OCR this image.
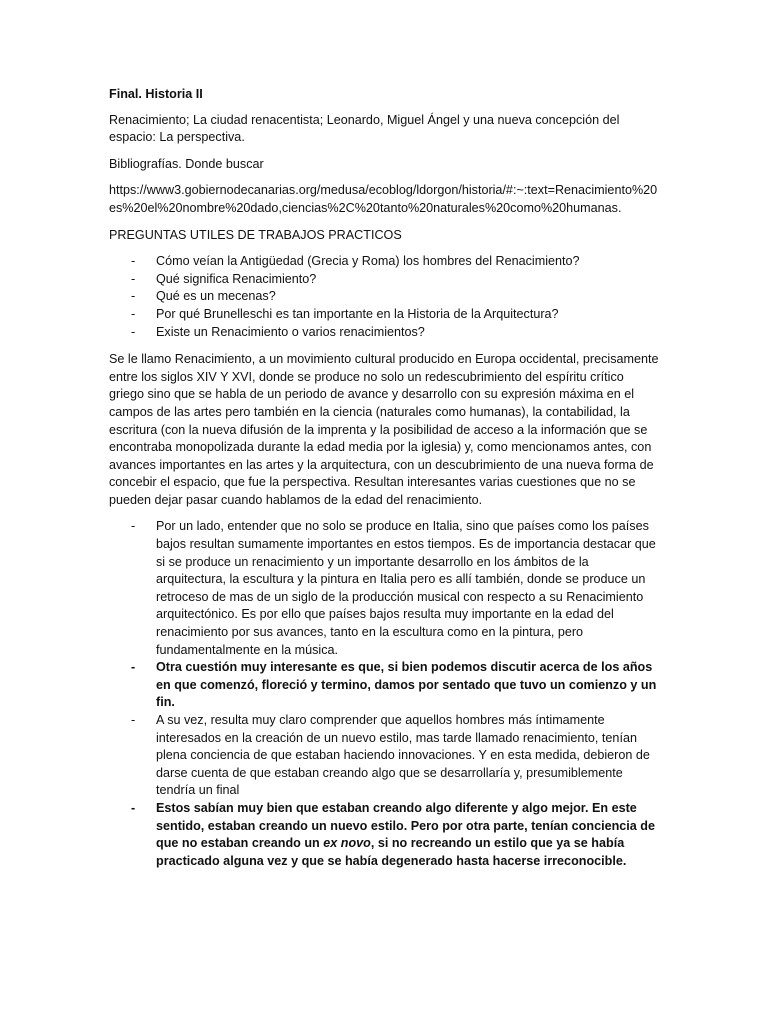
Final. Historia II

Renacimiento; La ciudad renacentista; Leonardo, Miguel Ángel y una nueva concepción del espacio: La perspectiva.

Bibliografías. Donde buscar

https://www3.gobiernodecanarias.org/medusa/ecoblog/ldorgon/historia/#:~:text=Renacimiento%20es%20el%20nombre%20dado,ciencias%2C%20tanto%20naturales%20como%20humanas.

PREGUNTAS UTILES DE TRABAJOS PRACTICOS

- Cómo veían la Antigüedad (Grecia y Roma) los hombres del Renacimiento?
- Qué significa Renacimiento?
- Qué es un mecenas?
- Por qué Brunelleschi es tan importante en la Historia de la Arquitectura?
- Existe un Renacimiento o varios renacimientos?

Se le llamo Renacimiento, a un movimiento cultural producido en Europa occidental, precisamente entre los siglos XIV Y XVI, donde se produce no solo un redescubrimiento del espíritu crítico griego sino que se habla de un periodo de avance y desarrollo con su expresión máxima en el campos de las artes pero también en la ciencia (naturales como humanas), la contabilidad, la escritura (con la nueva difusión de la imprenta y la posibilidad de acceso a la información que se encontraba monopolizada durante la edad media por la iglesia) y, como mencionamos antes, con avances importantes en las artes y la arquitectura, con un descubrimiento de una nueva forma de concebir el espacio, que fue la perspectiva. Resultan interesantes varias cuestiones que no se pueden dejar pasar cuando hablamos de la edad del renacimiento.

- Por un lado, entender que no solo se produce en Italia, sino que países como los países bajos resultan sumamente importantes en estos tiempos. Es de importancia destacar que si se produce un renacimiento y un importante desarrollo en los ámbitos de la arquitectura, la escultura y la pintura en Italia pero es allí también, donde se produce un retroceso de mas de un siglo de la producción musical con respecto a su Renacimiento arquitectónico. Es por ello que países bajos resulta muy importante en la edad del renacimiento por sus avances, tanto en la escultura como en la pintura, pero fundamentalmente en la música.
- Otra cuestión muy interesante es que, si bien podemos discutir acerca de los años en que comenzó, floreció y termino, damos por sentado que tuvo un comienzo y un fin.
- A su vez, resulta muy claro comprender que aquellos hombres más íntimamente interesados en la creación de un nuevo estilo, mas tarde llamado renacimiento, tenían plena conciencia de que estaban haciendo innovaciones. Y en esta medida, debieron de darse cuenta de que estaban creando algo que se desarrollaría y, presumiblemente tendría un final
- Estos sabían muy bien que estaban creando algo diferente y algo mejor. En este sentido, estaban creando un nuevo estilo. Pero por otra parte, tenían conciencia de que no estaban creando un ex novo, si no recreando un estilo que ya se había practicado alguna vez y que se había degenerado hasta hacerse irreconocible.
